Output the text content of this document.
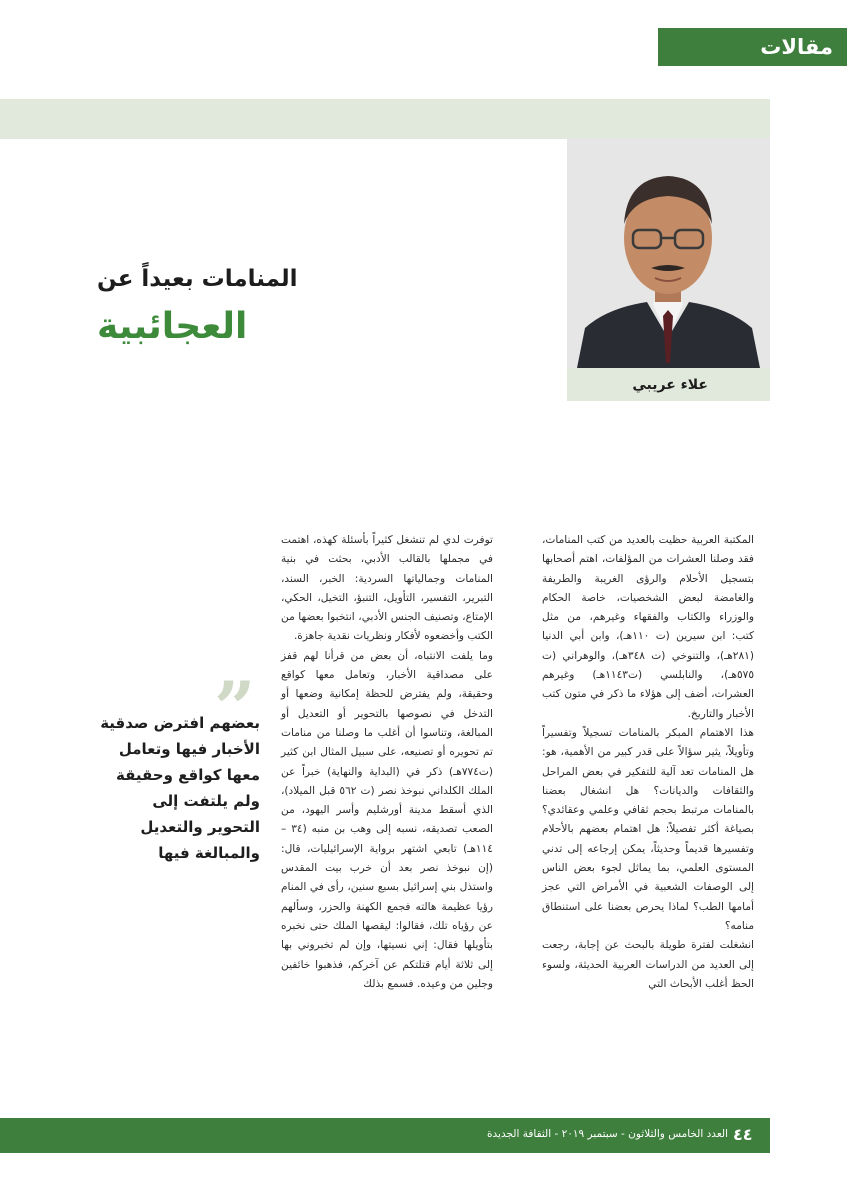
مقالات
علاء عريبي
المنامات بعيداً عن
العجائبية
”
بعضهم افترض صدقية الأخبار فيها وتعامل معها كواقع وحقيقة ولم يلتفت إلى التحوير والتعديل والمبالغة فيها

المكتبة العربية حظيت بالعديد من كتب المنامات، فقد وصلنا العشرات من المؤلفات، اهتم أصحابها بتسجيل الأحلام والرؤى الغريبة والطريفة والغامضة لبعض الشخصيات، خاصة الحكام والوزراء والكتاب والفقهاء وغيرهم، من مثل كتب: ابن سيرين (ت ١١٠هـ)، وابن أبي الدنيا (٢٨١هـ)، والتنوخي (ت ٣٤٨هـ)، والوهراني (ت ٥٧٥هـ)، والنابلسي (ت١١٤٣هـ) وغيرهم العشرات، أضف إلى هؤلاء ما ذكر في متون كتب الأخبار والتاريخ.

هذا الاهتمام المبكر بالمنامات تسجيلاً وتفسيراً وتأويلاً، يثير سؤالاً على قدر كبير من الأهمية، هو: هل المنامات تعد آلية للتفكير في بعض المراحل والثقافات والديانات؟ هل انشغال بعضنا بالمنامات مرتبط بحجم ثقافي وعلمي وعقائدي؟ بصياغة أكثر تفصيلاً: هل اهتمام بعضهم بالأحلام وتفسيرها قديماً وحديثاً، يمكن إرجاعه إلى تدني المستوى العلمي، بما يماثل لجوء بعض الناس إلى الوصفات الشعبية في الأمراض التي عجز أمامها الطب؟ لماذا يحرص بعضنا على استنطاق منامه؟

انشغلت لفترة طويلة بالبحث عن إجابة، رجعت إلى العديد من الدراسات العربية الحديثة، ولسوء الحظ أغلب الأبحاث التي

توفرت لدي لم تنشغل كثيراً بأسئلة كهذه، اهتمت في مجملها بالقالب الأدبي، بحثت في بنية المنامات وجمالياتها السردية: الخبر، السند، التبرير، التفسير، التأويل، التنبؤ، التخيل، الحكي، الإمتاع، وتصنيف الجنس الأدبي، انتخبوا بعضها من الكتب وأخضعوه لأفكار ونظريات نقدية جاهزة.

وما يلفت الانتباه، أن بعض من قرأنا لهم قفز على مصداقية الأخبار، وتعامل معها كواقع وحقيقة، ولم يفترض للحظة إمكانية وضعها أو التدخل في نصوصها بالتحوير أو التعديل أو المبالغة، وتناسوا أن أغلب ما وصلنا من منامات تم تحويره أو تصنيعه، على سبيل المثال ابن كثير (ت٧٧٤هـ) ذكر في (البداية والنهاية) خبراً عن الملك الكلداني نبوخذ نصر (ت ٥٦٢ قبل الميلاد)، الذي أسقط مدينة أورشليم وأسر اليهود، من الصعب تصديقه، نسبه إلى وهب بن منبه (٣٤ – ١١٤هـ) تابعي اشتهر برواية الإسرائيليات، قال: (إن نبوخذ نصر بعد أن خرب بيت المقدس واستذل بني إسرائيل بسبع سنين، رأى في المنام رؤيا عظيمة هالته فجمع الكهنة والحزر، وسألهم عن رؤياه تلك، فقالوا: ليقصها الملك حتى نخبره بتأويلها فقال: إني نسيتها، وإن لم تخبروني بها إلى ثلاثة أيام قتلتكم عن آخركم، فذهبوا خائفين وجلين من وعيده. فسمع بذلك

٤٤
العدد الخامس والثلاثون - سبتمبر ٢٠١٩ - الثقافة الجديدة
